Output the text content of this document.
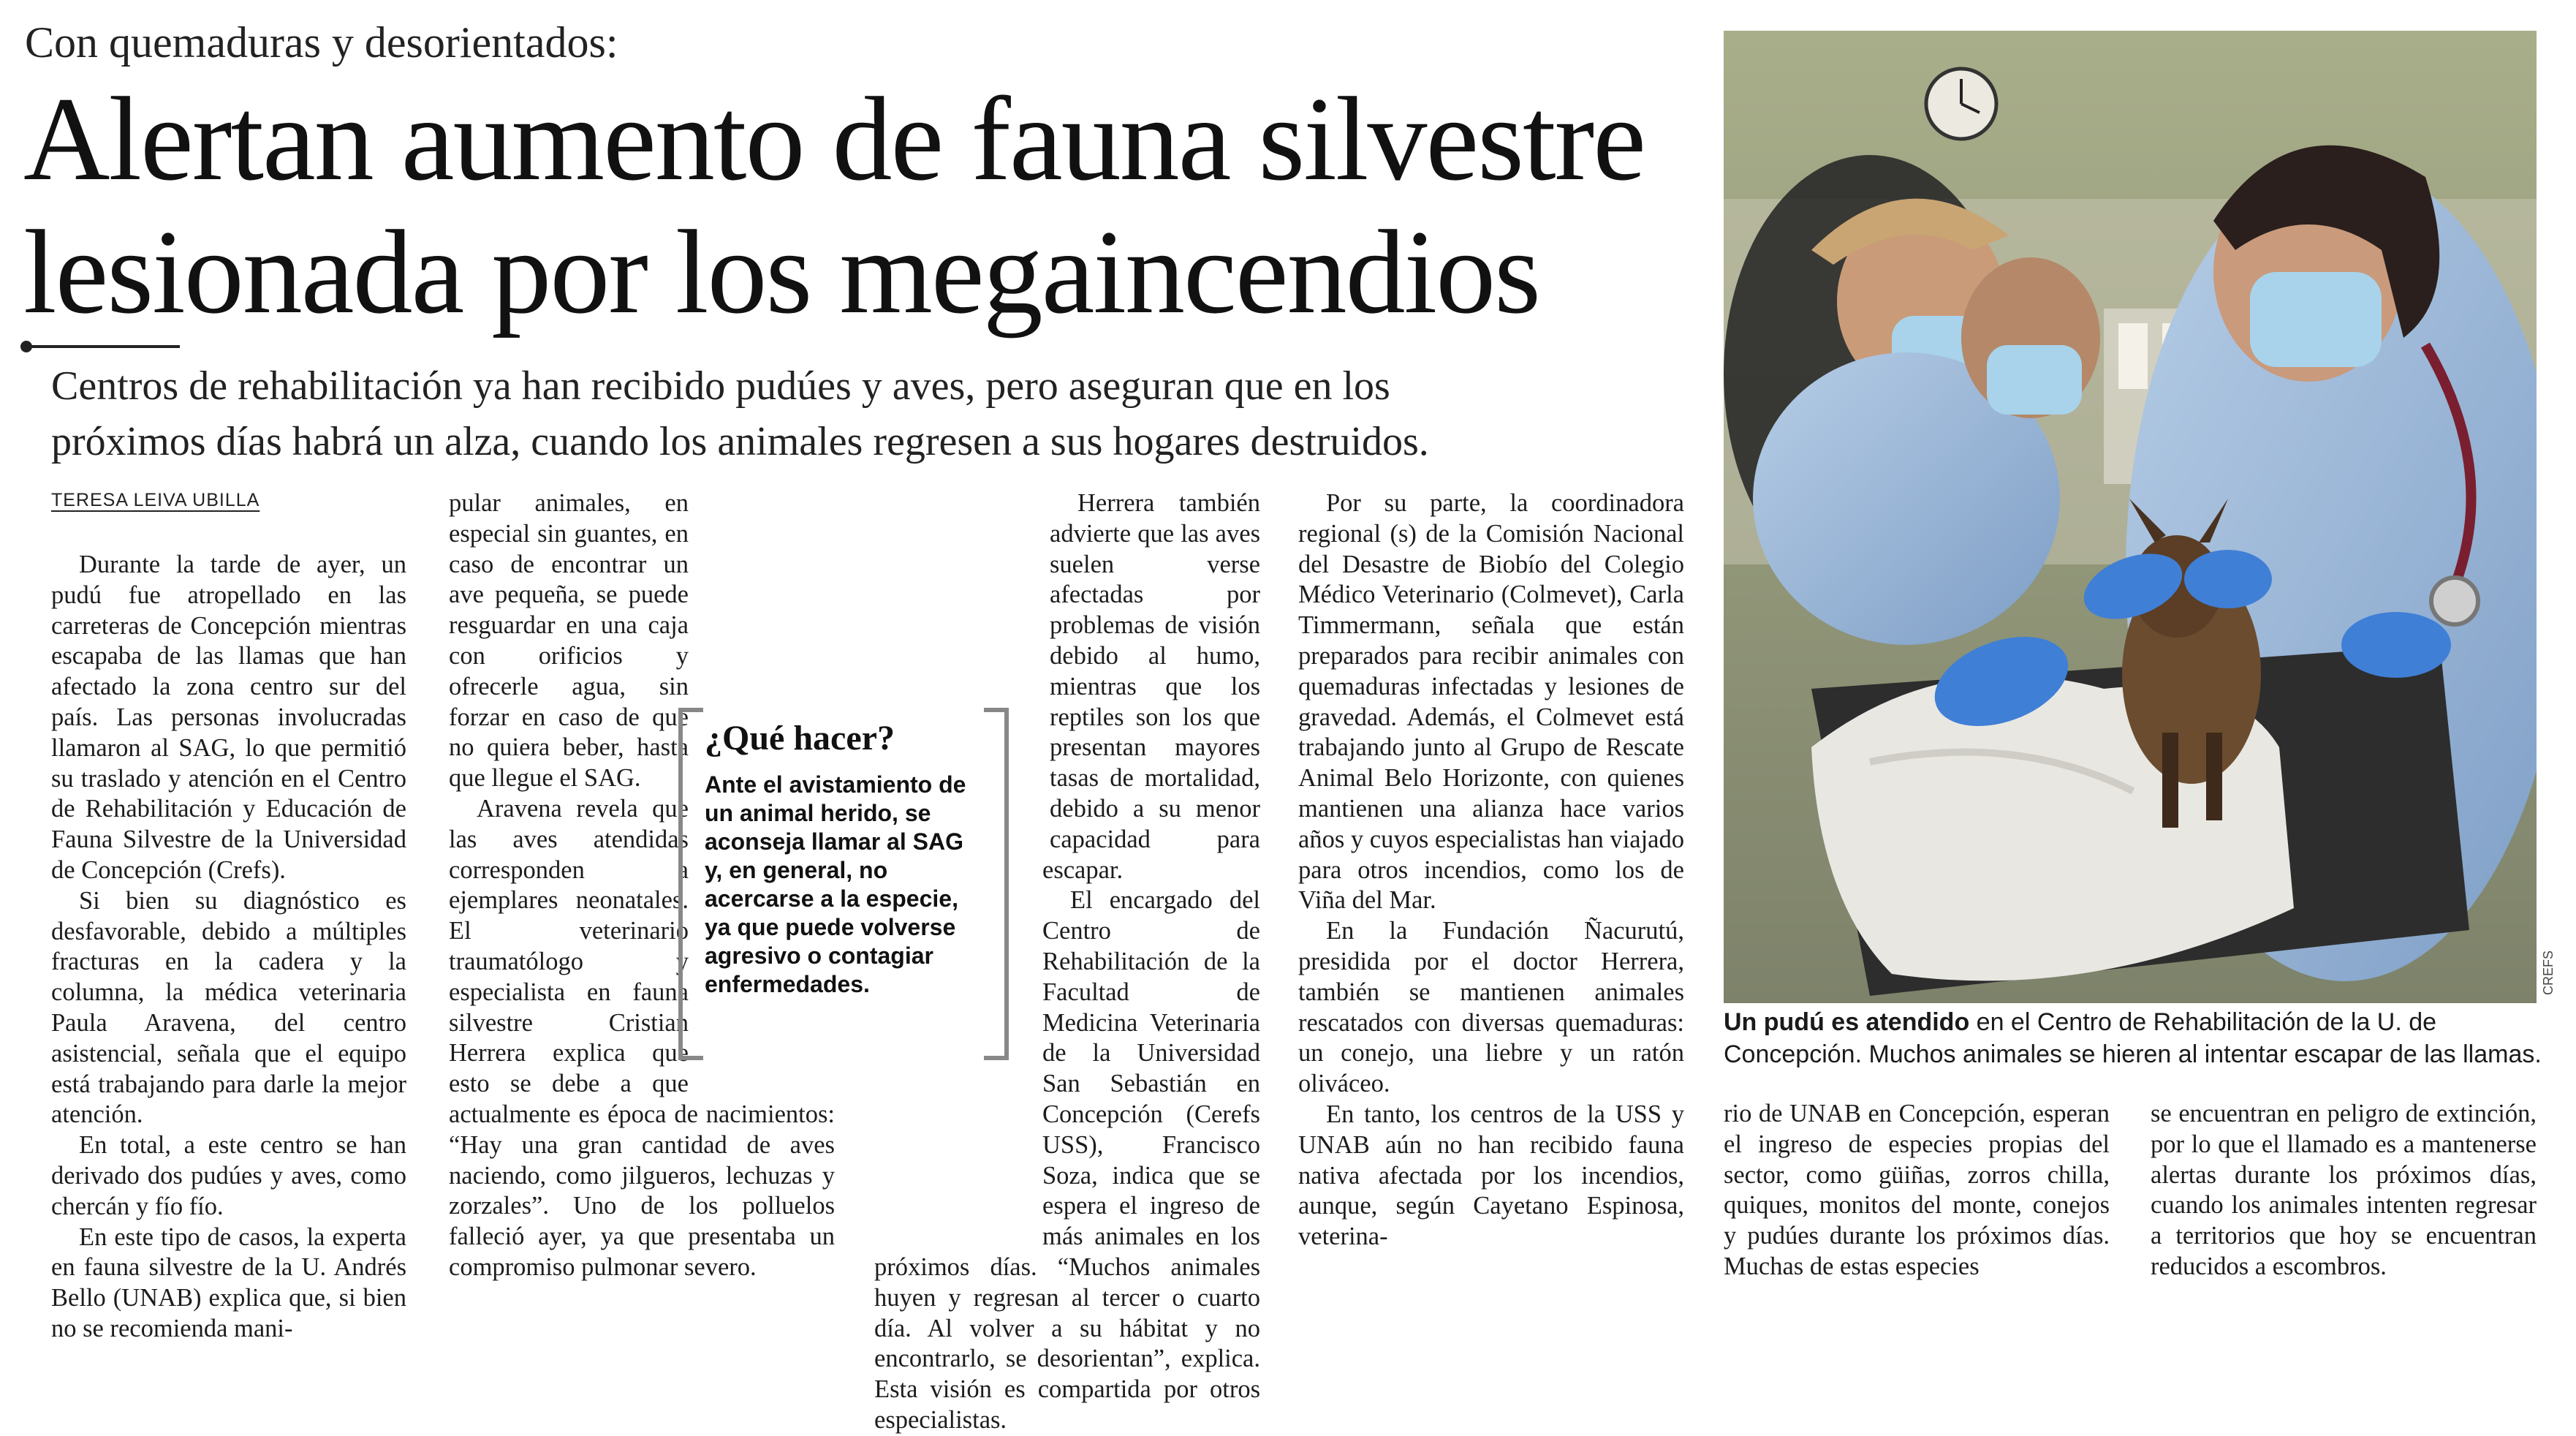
Con quemaduras y desorientados:
Alertan aumento de fauna silvestre
lesionada por los megaincendios
Centros de rehabilitación ya han recibido pudúes y aves, pero aseguran que en los
próximos días habrá un alza, cuando los animales regresen a sus hogares destruidos.
TERESA LEIVA UBILLA

Durante la tarde de ayer, un pudú fue atropellado en las carreteras de Concepción mientras escapaba de las llamas que han afectado la zona centro sur del país. Las personas involucradas llamaron al SAG, lo que permitió su traslado y atención en el Centro de Rehabilitación y Educación de Fauna Silvestre de la Universidad de Concepción (Crefs).

Si bien su diagnóstico es desfavorable, debido a múltiples fracturas en la cadera y la columna, la médica veterinaria Paula Aravena, del centro asistencial, señala que el equipo está trabajando para darle la mejor atención.

En total, a este centro se han derivado dos pudúes y aves, como chercán y fío fío.

En este tipo de casos, la experta en fauna silvestre de la U. Andrés Bello (UNAB) explica que, si bien no se recomienda mani-

pular animales, en especial sin guantes, en caso de encontrar un ave pequeña, se puede resguardar en una caja con orificios y ofrecerle agua, sin forzar en caso de que no quiera beber, hasta que llegue el SAG.

Aravena revela que las aves atendidas corresponden a ejemplares neonatales. El veterinario traumatólogo y especialista en fauna silvestre Cristian Herrera explica que esto se debe a que actualmente es época de nacimientos: “Hay una gran cantidad de aves naciendo, como jilgueros, lechuzas y zorzales”. Uno de los polluelos falleció ayer, ya que presentaba un compromiso pulmonar severo.

Herrera también advierte que las aves suelen verse afectadas por problemas de visión debido al humo, mientras que los reptiles son los que presentan mayores tasas de mortalidad, debido a su menor capacidad para escapar.

El encargado del Centro de Rehabilitación de la Facultad de Medicina Veterinaria de la Universidad San Sebastián en Concepción (Cerefs USS), Francisco Soza, indica que se espera el ingreso de más animales en los próximos días. “Muchos animales huyen y regresan al tercer o cuarto día. Al volver a su hábitat y no encontrarlo, se desorientan”, explica. Esta visión es compartida por otros especialistas.

¿Qué hacer?
Ante el avistamiento de un animal herido, se aconseja llamar al SAG y, en general, no acercarse a la especie, ya que puede volverse agresivo o contagiar enfermedades.

Por su parte, la coordinadora regional (s) de la Comisión Nacional del Desastre de Biobío del Colegio Médico Veterinario (Colmevet), Carla Timmermann, señala que están preparados para recibir animales con quemaduras infectadas y lesiones de gravedad. Además, el Colmevet está trabajando junto al Grupo de Rescate Animal Belo Horizonte, con quienes mantienen una alianza hace varios años y cuyos especialistas han viajado para otros incendios, como los de Viña del Mar.

En la Fundación Ñacurutú, presidida por el doctor Herrera, también se mantienen animales rescatados con diversas quemaduras: un conejo, una liebre y un ratón oliváceo.

En tanto, los centros de la USS y UNAB aún no han recibido fauna nativa afectada por los incendios, aunque, según Cayetano Espinosa, veterina-

rio de UNAB en Concepción, esperan el ingreso de especies propias del sector, como güiñas, zorros chilla, quiques, monitos del monte, conejos y pudúes durante los próximos días. Muchas de estas especies

se encuentran en peligro de extinción, por lo que el llamado es a mantenerse alertas durante los próximos días, cuando los animales intenten regresar a territorios que hoy se encuentran reducidos a escombros.

CREFS
Un pudú es atendido en el Centro de Rehabilitación de la U. de Concepción. Muchos animales se hieren al intentar escapar de las llamas.
